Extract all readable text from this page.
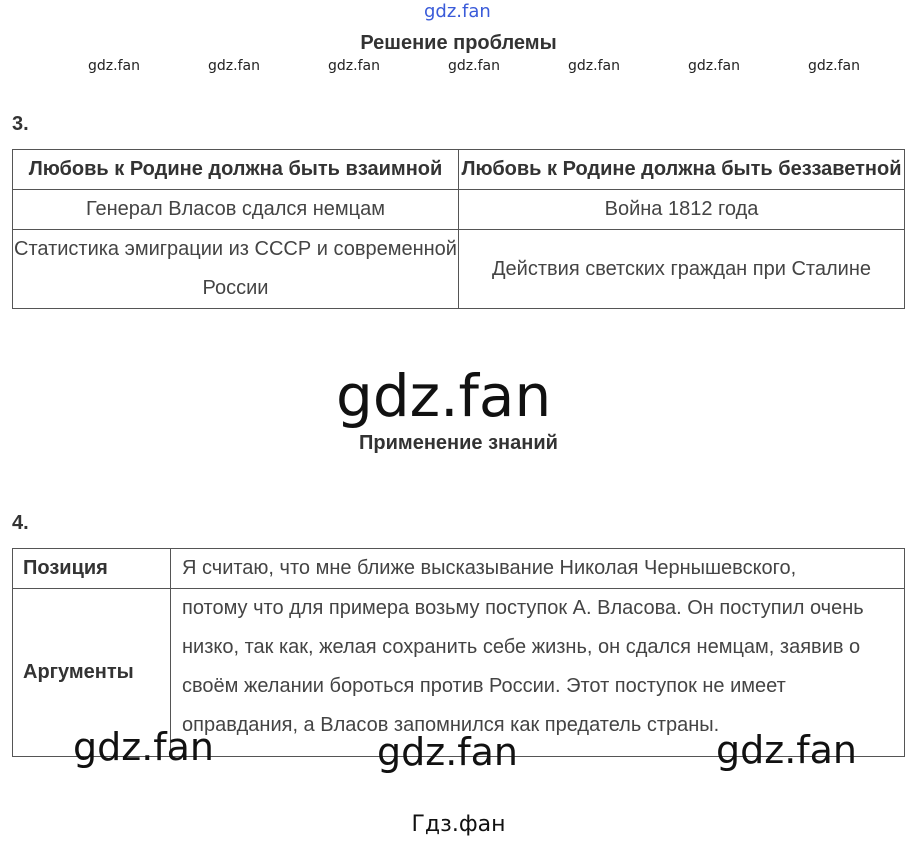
gdz.fan
Решение проблемы
gdz.fan	gdz.fan	gdz.fan	gdz.fan	gdz.fan	gdz.fan	gdz.fan
3.
Любовь к Родине должна быть взаимной	Любовь к Родине должна быть беззаветной
Генерал Власов сдался немцам	Война 1812 года
Статистика эмиграции из СССР и современной России	Действия светских граждан при Сталине
gdz.fan
Применение знаний
4.
Позиция	Я считаю, что мне ближе высказывание Николая Чернышевского,
Аргументы	потому что для примера возьму поступок А. Власова. Он поступил очень низко, так как, желая сохранить себе жизнь, он сдался немцам, заявив о своём желании бороться против России. Этот поступок не имеет оправдания, а Власов запомнился как предатель страны.
gdz.fan	gdz.fan	gdz.fan
Гдз.фан
